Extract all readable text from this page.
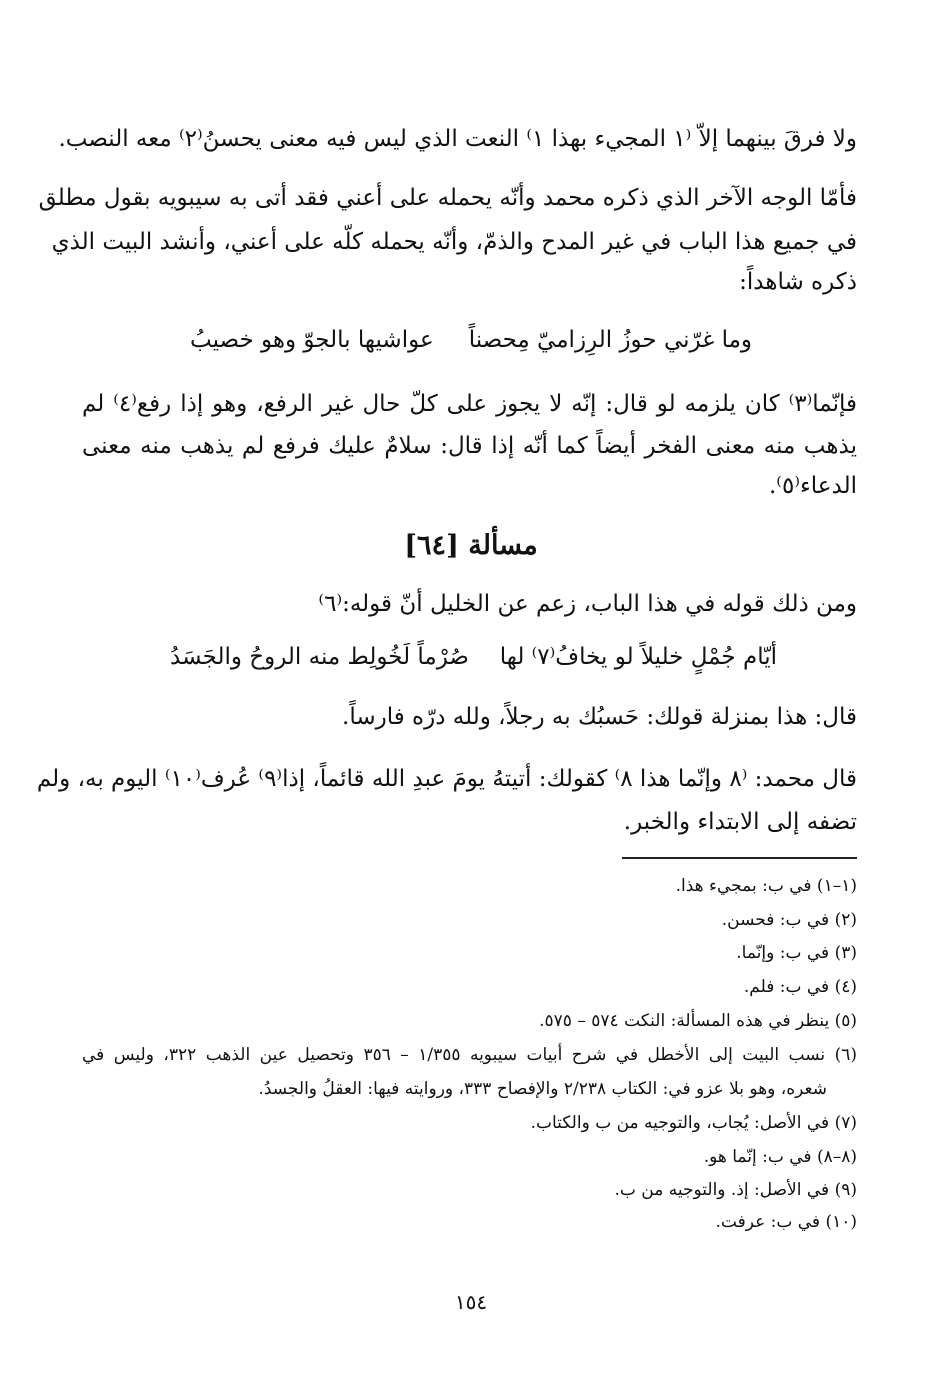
ولا فرقَ بينهما إلاّ ⁽١ المجيء بهذا ١⁾ النعت الذي ليس فيه معنى يحسنُ⁽٢⁾ معه النصب.
فأمّا الوجه الآخر الذي ذكره محمد وأنّه يحمله على أعني فقد أتى به سيبويه بقول مطلق
في جميع هذا الباب في غير المدح والذمّ، وأنّه يحمله كلّه على أعني، وأنشد البيت الذي
ذكره شاهداً:
وما غرّني حوزُ الرِزاميّ مِحصناً
عواشيها بالجوّ وهو خصيبُ
فإنّما⁽٣⁾ كان يلزمه لو قال: إنّه لا يجوز على كلّ حال غير الرفع، وهو إذا رفع⁽٤⁾ لم
يذهب منه معنى الفخر أيضاً كما أنّه إذا قال: سلامٌ عليك فرفع لم يذهب منه معنى
الدعاء⁽٥⁾.
مسألة [٦٤]
ومن ذلك قوله في هذا الباب، زعم عن الخليل أنّ قوله:⁽٦⁾
أيّام جُمْلٍ خليلاً لو يخافُ⁽٧⁾ لها
صُرْماً لَخُولِط منه الروحُ والجَسَدُ
قال: هذا بمنزلة قولك: حَسبُك به رجلاً، ولله درّه فارساً.
قال محمد: ⁽٨ وإنّما هذا ٨⁾ كقولك: أتيتهُ يومَ عبدِ الله قائماً، إذا⁽٩⁾ عُرف⁽١٠⁾ اليوم به، ولم
تضفه إلى الابتداء والخبر.
(١–١) في ب: بمجيء هذا.
(٢) في ب: فحسن.
(٣) في ب: وإنّما.
(٤) في ب: فلم.
(٥) ينظر في هذه المسألة: النكت ٥٧٤ – ٥٧٥.
(٦) نسب البيت إلى الأخطل في شرح أبيات سيبويه ١/٣٥٥ – ٣٥٦ وتحصيل عين الذهب ٣٢٢، وليس في
شعره، وهو بلا عزو في: الكتاب ٢/٢٣٨ والإفصاح ٣٣٣، وروايته فيها: العقلُ والجسدُ.
(٧) في الأصل: يُجاب، والتوجيه من ب والكتاب.
(٨–٨) في ب: إنّما هو.
(٩) في الأصل: إذ. والتوجيه من ب.
(١٠) في ب: عرفت.
١٥٤
